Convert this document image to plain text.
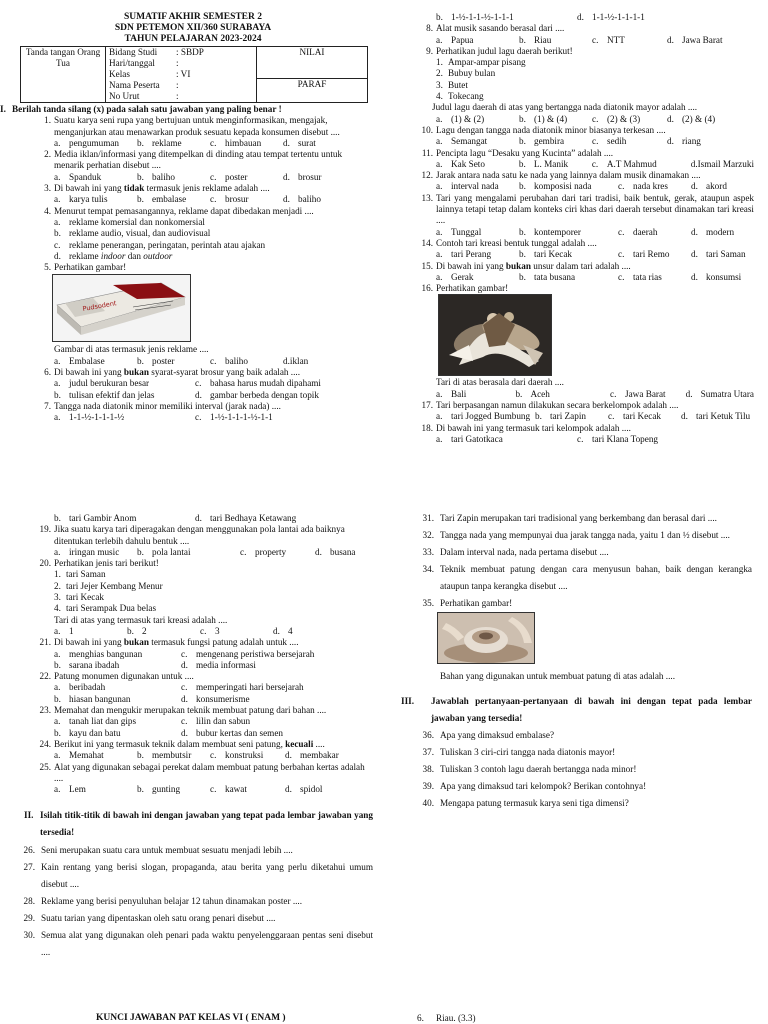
SUMATIF AKHIR SEMESTER 2
SDN PETEMON XII/360 SURABAYA
TAHUN PELAJARAN 2023-2024
Tanda tangan Orang Tua	
Bidang Studi	: SBDP
Hari/tanggal	:
Kelas	: VI
Nama Peserta	:
No Urut	:
	NILAI
PARAF
I. Berilah tanda silang (x) pada salah satu jawaban yang paling benar !
1. Suatu karya seni rupa yang bertujuan untuk menginformasikan, mengajak, menganjurkan atau menawarkan produk sesuatu kepada konsumen disebut ....
a. pengumuman	b. reklame	c. himbauan	d. surat
2. Media iklan/informasi yang ditempelkan di dinding atau tempat tertentu untuk menarik perhatian disebut ....
a. Spanduk	b. baliho	c. poster	d. brosur
3. Di bawah ini yang tidak termasuk jenis reklame adalah ....
a. karya tulis	b. embalase	c. brosur	d. baliho
4. Menurut tempat pemasangannya, reklame dapat dibedakan menjadi ....
a. reklame komersial dan nonkomersial
b. reklame audio, visual, dan audiovisual
c. reklame penerangan, peringatan, perintah atau ajakan
d. reklame indoor dan outdoor
5. Perhatikan gambar!
Pudsodent
Gambar di atas termasuk jenis reklame ....
a. Embalase	b. poster	c. baliho	d.iklan
6. Di bawah ini yang bukan syarat-syarat brosur yang baik adalah ....
a. judul berukuran besar	c. bahasa harus mudah dipahami
b. tulisan efektif dan jelas	d. gambar berbeda dengan topik
7. Tangga nada diatonik minor memiliki interval (jarak nada) ....
a. 1-1-½-1-1-1-½	c. 1-½-1-1-1-½-1-1
b. 1-½-1-1-½-1-1-1	d. 1-1-½-1-1-1-1
8. Alat musik sasando berasal dari ....
a. Papua	b. Riau	c. NTT	d. Jawa Barat
9. Perhatikan judul lagu daerah berikut!
1. Ampar-ampar pisang
2. Bubuy bulan
3. Butet
4. Tokecang
Judul lagu daerah di atas yang bertangga nada diatonik mayor adalah ....
a. (1) & (2)	b. (1) & (4)	c. (2) & (3)	d. (2) & (4)
10. Lagu dengan tangga nada diatonik minor biasanya terkesan ....
a. Semangat	b. gembira	c. sedih	d. riang
11. Pencipta lagu “Desaku yang Kucinta” adalah ....
a. Kak Seto	b. L. Manik	c. A.T Mahmud	d.Ismail Marzuki
12. Jarak antara nada satu ke nada yang lainnya dalam musik dinamakan ....
a. interval nada	b. komposisi nada	c. nada kres	d. akord
13. Tari yang mengalami perubahan dari tari tradisi, baik bentuk, gerak, ataupun aspek lainnya tetapi tetap dalam konteks ciri khas dari daerah tersebut dinamakan tari kreasi ....
a. Tunggal	b. kontemporer	c. daerah	d. modern
14. Contoh tari kreasi bentuk tunggal adalah ....
a. tari Perang	b. tari Kecak	c. tari Remo	d. tari Saman
15. Di bawah ini yang bukan unsur dalam tari adalah ....
a. Gerak	b. tata busana	c. tata rias	d. konsumsi
16. Perhatikan gambar!
Tari di atas berasala dari daerah ....
a. Bali	b. Aceh	c. Jawa Barat	d. Sumatra Utara
17. Tari berpasangan namun dilakukan secara berkelompok adalah ....
a. tari Jogged Bumbung b. tari Zapin	c. tari Kecak	d. tari Ketuk Tilu
18. Di bawah ini yang termasuk tari kelompok adalah ....
a. tari Gatotkaca	c. tari Klana Topeng
b. tari Gambir Anom	d. tari Bedhaya Ketawang
19. Jika suatu karya tari diperagakan dengan menggunakan pola lantai ada baiknya ditentukan terlebih dahulu bentuk ....
a. iringan music	b. pola lantai	c. property	d. busana
20. Perhatikan jenis tari berikut!
1. tari Saman
2. tari Jejer Kembang Menur
3. tari Kecak
4. tari Serampak Dua belas
Tari di atas yang termasuk tari kreasi adalah ....
a. 1	b. 2	c. 3	d. 4
21. Di bawah ini yang bukan termasuk fungsi patung adalah untuk ....
a. menghias bangunan	c. mengenang peristiwa bersejarah
b. sarana ibadah	d. media informasi
22. Patung monumen digunakan untuk ....
a. beribadah	c. memperingati hari bersejarah
b. hiasan bangunan	d. konsumerisme
23. Memahat dan mengukir merupakan teknik membuat patung dari bahan ....
a. tanah liat dan gips	c. lilin dan sabun
b. kayu dan batu	d. bubur kertas dan semen
24. Berikut ini yang termasuk teknik dalam membuat seni patung, kecuali ....
a. Memahat	b. membutsir	c. konstruksi	d. membakar
25. Alat yang digunakan sebagai perekat dalam membuat patung berbahan kertas adalah ....
a. Lem	b. gunting	c. kawat	d. spidol
II. Isilah titik-titik di bawah ini dengan jawaban yang tepat pada lembar jawaban yang tersedia!
26. Seni merupakan suatu cara untuk membuat sesuatu menjadi lebih ....
27. Kain rentang yang berisi slogan, propaganda, atau berita yang perlu diketahui umum disebut ....
28. Reklame yang berisi penyuluhan belajar 12 tahun dinamakan poster ....
29. Suatu tarian yang dipentaskan oleh satu orang penari disebut ....
30. Semua alat yang digunakan oleh penari pada waktu penyelenggaraan pentas seni disebut ....
31. Tari Zapin merupakan tari tradisional yang berkembang dan berasal dari ....
32. Tangga nada yang mempunyai dua jarak tangga nada, yaitu 1 dan ½ disebut ....
33. Dalam interval nada, nada pertama disebut ....
34. Teknik membuat patung dengan cara menyusun bahan, baik dengan kerangka ataupun tanpa kerangka disebut ....
35. Perhatikan gambar!
Bahan yang digunakan untuk membuat patung di atas adalah ....
III. Jawablah pertanyaan-pertanyaan di bawah ini dengan tepat pada lembar jawaban yang tersedia!
36. Apa yang dimaksud embalase?
37. Tuliskan 3 ciri-ciri tangga nada diatonis mayor!
38. Tuliskan 3 contoh lagu daerah bertangga nada minor!
39. Apa yang dimaksud tari kelompok? Berikan contohnya!
40. Mengapa patung termasuk karya seni tiga dimensi?
KUNCI JAWABAN PAT KELAS VI ( ENAM )	6. Riau. (3.3)
